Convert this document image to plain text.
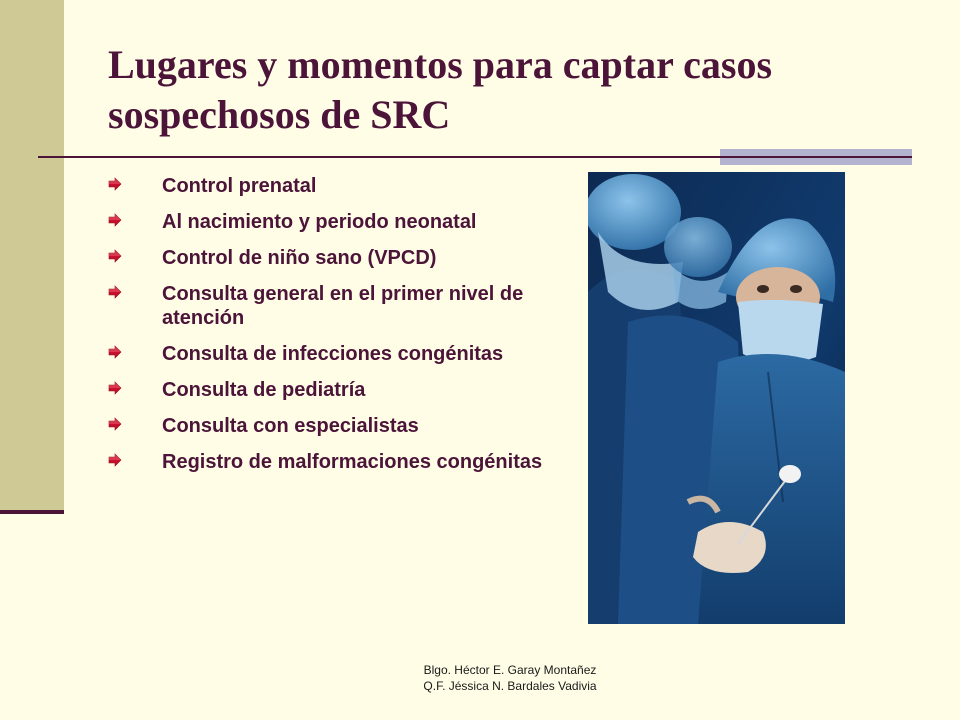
Lugares y momentos para captar casos sospechosos de SRC
Control prenatal
Al nacimiento y periodo neonatal
Control de niño sano (VPCD)
Consulta general en el primer nivel de atención
Consulta de infecciones congénitas
Consulta de pediatría
Consulta con especialistas
Registro de malformaciones congénitas
Blgo. Héctor E. Garay Montañez
Q.F. Jéssica N. Bardales Vadivia
